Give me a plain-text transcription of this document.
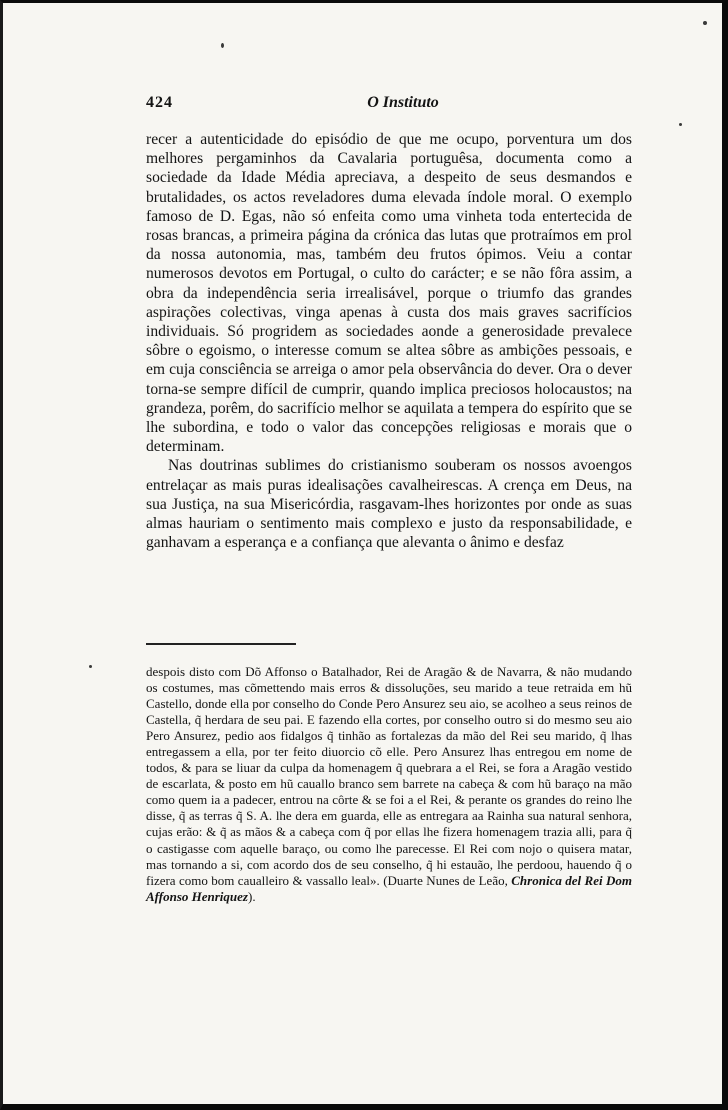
424	O Instituto

recer a autenticidade do episódio de que me ocupo, porventura um dos melhores pergaminhos da Cavalaria portuguêsa, documenta como a sociedade da Idade Média apreciava, a despeito de seus desmandos e brutalidades, os actos reveladores duma elevada índole moral. O exemplo famoso de D. Egas, não só enfeita como uma vinheta toda entertecida de rosas brancas, a primeira página da crónica das lutas que protraímos em prol da nossa autonomia, mas, também deu frutos ópimos. Veiu a contar numerosos devotos em Portugal, o culto do carácter; e se não fôra assim, a obra da independência seria irrealisável, porque o triumfo das grandes aspirações colectivas, vinga apenas à custa dos mais graves sacrifícios individuais. Só progridem as sociedades aonde a generosidade prevalece sôbre o egoismo, o interesse comum se altea sôbre as ambições pessoais, e em cuja consciência se arreiga o amor pela observância do dever. Ora o dever torna-se sempre difícil de cumprir, quando implica preciosos holocaustos; na grandeza, porêm, do sacrifício melhor se aquilata a tempera do espírito que se lhe subordina, e todo o valor das concepções religiosas e morais que o determinam.

Nas doutrinas sublimes do cristianismo souberam os nossos avoengos entrelaçar as mais puras idealisações cavalheirescas. A crença em Deus, na sua Justiça, na sua Misericórdia, rasgavam-lhes horizontes por onde as suas almas hauriam o sentimento mais complexo e justo da responsabilidade, e ganhavam a esperança e a confiança que alevanta o ânimo e desfaz

despois disto com Dõ Affonso o Batalhador, Rei de Aragão & de Navarra, & não mudando os costumes, mas cõmettendo mais erros & dissoluções, seu marido a teue retraida em hũ Castello, donde ella por conselho do Conde Pero Ansurez seu aio, se acolheo a seus reinos de Castella, q̃ herdara de seu pai. E fazendo ella cortes, por conselho outro si do mesmo seu aio Pero Ansurez, pedio aos fidalgos q̃ tinhão as fortalezas da mão del Rei seu marido, q̃ lhas entregassem a ella, por ter feito diuorcio cõ elle. Pero Ansurez lhas entregou em nome de todos, & para se liuar da culpa da homenagem q̃ quebrara a el Rei, se fora a Aragão vestido de escarlata, & posto em hũ cauallo branco sem barrete na cabeça & com hũ baraço na mão como quem ia a padecer, entrou na côrte & se foi a el Rei, & perante os grandes do reino lhe disse, q̃ as terras q̃ S. A. lhe dera em guarda, elle as entregara aa Rainha sua natural senhora, cujas erão: & q̃ as mãos & a cabeça com q̃ por ellas lhe fizera homenagem trazia alli, para q̃ o castigasse com aquelle baraço, ou como lhe parecesse. El Rei com nojo o quisera matar, mas tornando a si, com acordo dos de seu conselho, q̃ hi estauão, lhe perdoou, hauendo q̃ o fizera como bom caualleiro & vassallo leal». (Duarte Nunes de Leão, Chronica del Rei Dom Affonso Henriquez).
